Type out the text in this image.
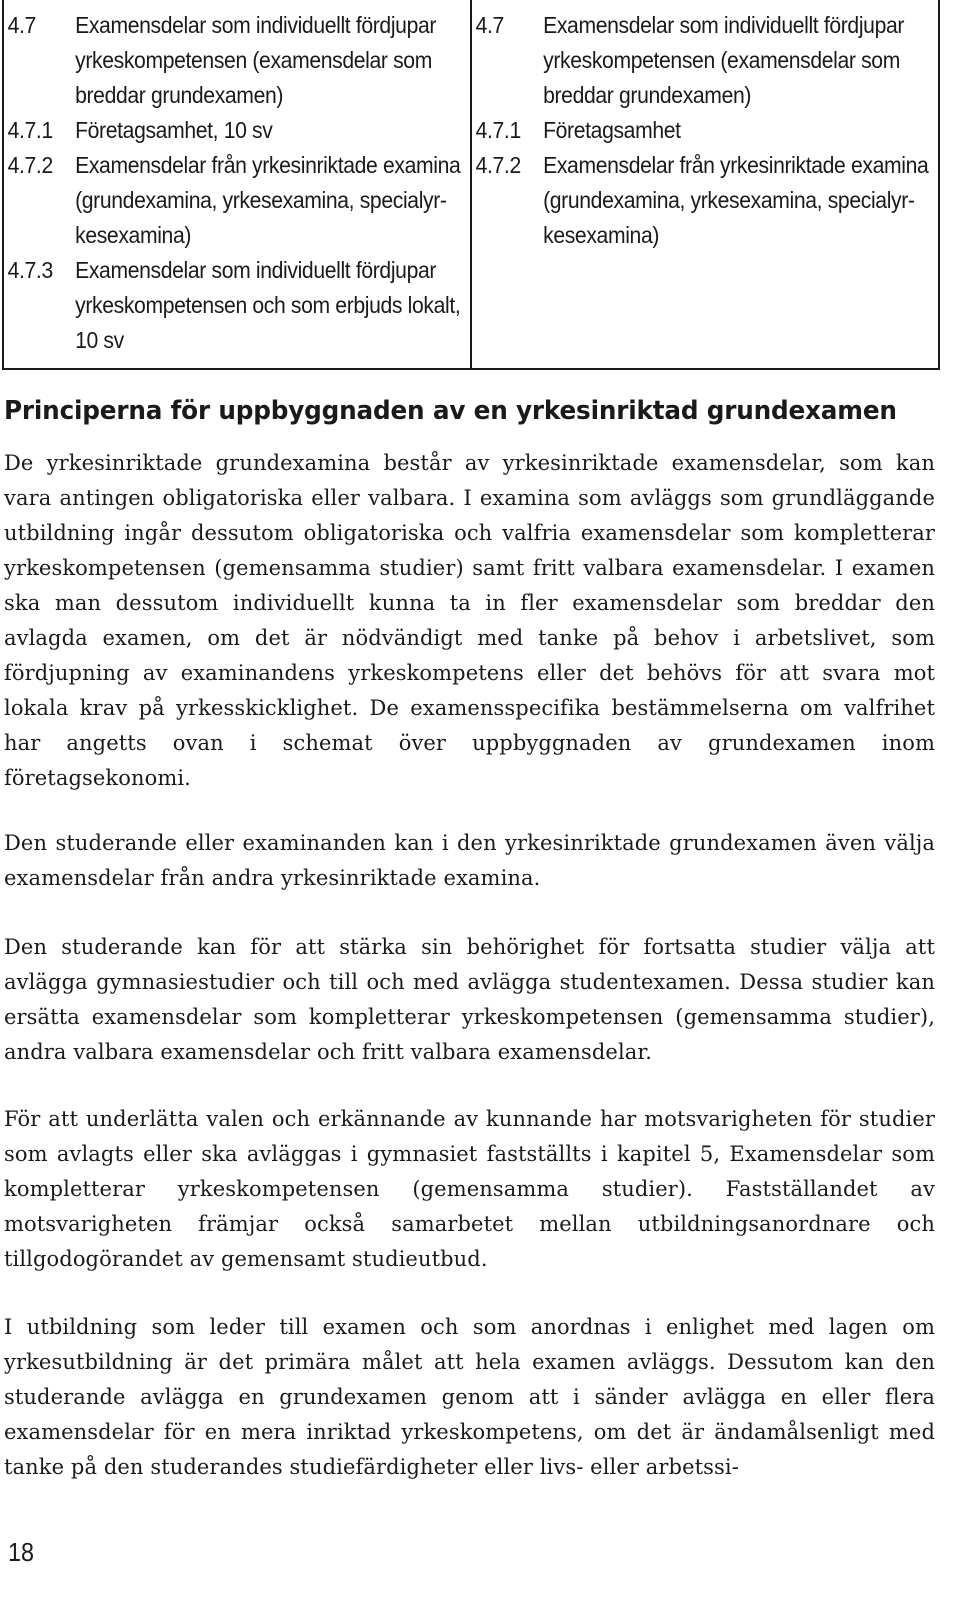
4.7	Examensdelar som individuellt fördjupar
yrkeskompetensen (examensdelar som
breddar grundexamen)
4.7.1 Företagsamhet, 10 sv
4.7.2 Examensdelar från yrkesinriktade examina
(grundexamina, yrkesexamina, specialyr-
kesexamina)
4.7.3 Examensdelar som individuellt fördjupar
yrkeskompetensen och som erbjuds lokalt,
10 sv

4.7	Examensdelar som individuellt fördjupar
yrkeskompetensen (examensdelar som
breddar grundexamen)
4.7.1 Företagsamhet
4.7.2 Examensdelar från yrkesinriktade examina
(grundexamina, yrkesexamina, specialyr-
kesexamina)
Principerna för uppbyggnaden av en yrkesinriktad grundexamen

De yrkesinriktade grundexamina består av yrkesinriktade examensdelar, som kan vara antingen obligatoriska eller valbara. I examina som avläggs som grundläggande utbildning ingår dessutom obligatoriska och valfria examensdelar som kompletterar yrkeskompetensen (gemensamma studier) samt fritt valbara examensdelar. I examen ska man dessutom individuellt kunna ta in fler examensdelar som breddar den avlagda examen, om det är nödvändigt med tanke på behov i arbetslivet, som fördjupning av examinandens yrkeskompetens eller det behövs för att svara mot lokala krav på yrkesskicklighet. De examensspecifika bestämmelserna om valfrihet har angetts ovan i schemat över uppbyggnaden av grundexamen inom företagsekonomi.

Den studerande eller examinanden kan i den yrkesinriktade grundexamen även välja examensdelar från andra yrkesinriktade examina.

Den studerande kan för att stärka sin behörighet för fortsatta studier välja att avlägga gymnasiestudier och till och med avlägga studentexamen. Dessa studier kan ersätta examensdelar som kompletterar yrkeskompetensen (gemensamma studier), andra valbara examensdelar och fritt valbara examensdelar.

För att underlätta valen och erkännande av kunnande har motsvarigheten för studier som avlagts eller ska avläggas i gymnasiet fastställts i kapitel 5, Examensdelar som kompletterar yrkeskompetensen (gemensamma studier). Fastställandet av motsvarigheten främjar också samarbetet mellan utbildningsanordnare och tillgodogörandet av gemensamt studieutbud.

I utbildning som leder till examen och som anordnas i enlighet med lagen om yrkesutbildning är det primära målet att hela examen avläggs. Dessutom kan den studerande avlägga en grundexamen genom att i sänder avlägga en eller flera examensdelar för en mera inriktad yrkeskompetens, om det är ändamålsenligt med tanke på den studerandes studiefärdigheter eller livs- eller arbetssi-

18
